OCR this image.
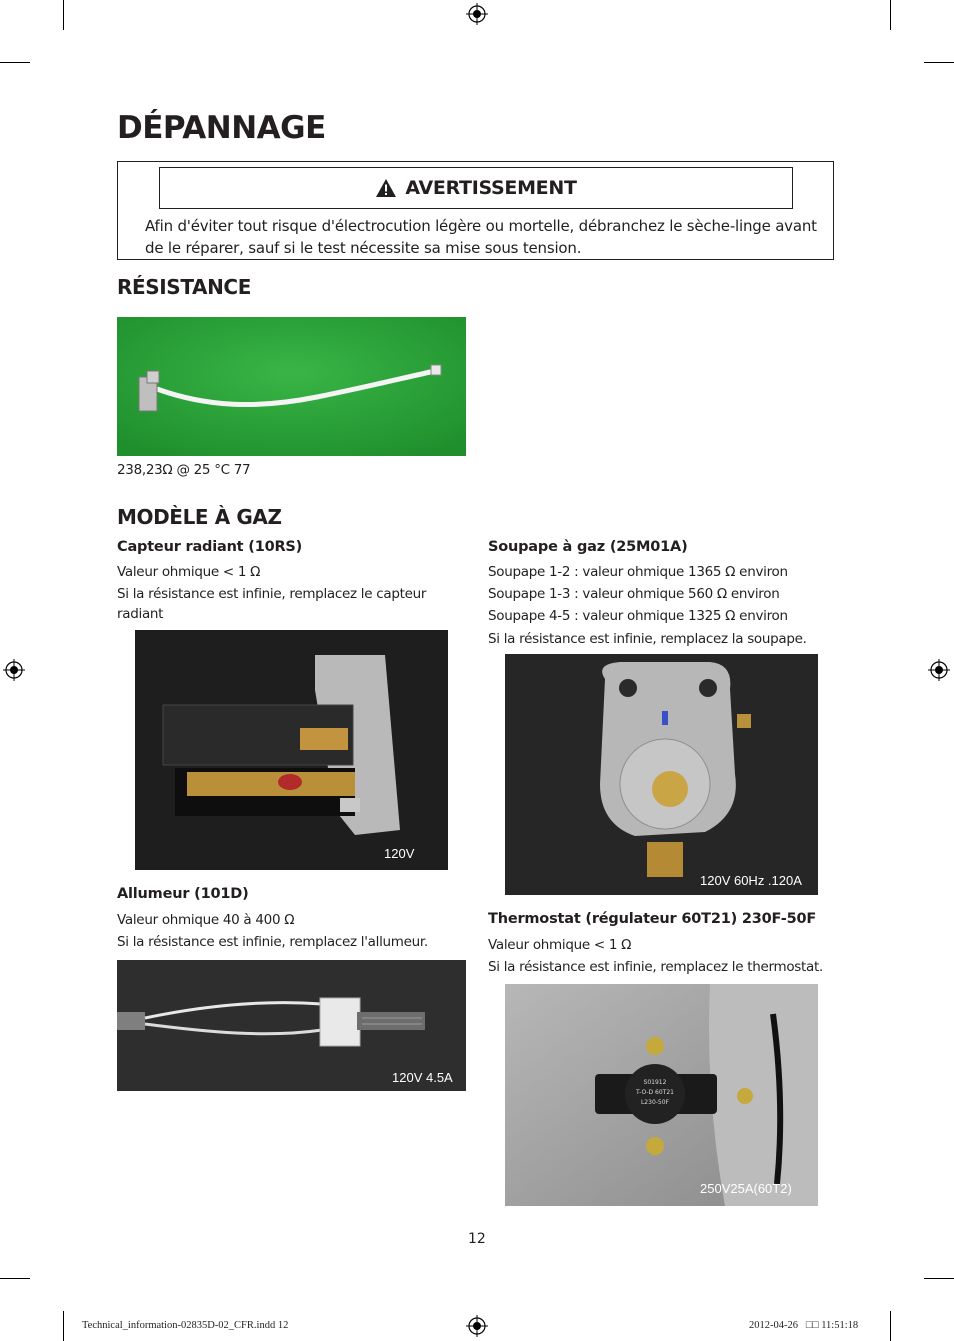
DÉPANNAGE
AVERTISSEMENT
Afin d'éviter tout risque d'électrocution légère ou mortelle, débranchez le sèche-linge avant
de le réparer, sauf si le test nécessite sa mise sous tension.
RÉSISTANCE
238,23Ω @ 25 °C 77
MODÈLE À GAZ
Capteur radiant (10RS)
Valeur ohmique < 1 Ω
Si la résistance est infinie, remplacez le capteur
radiant
120V
Allumeur (101D)
Valeur ohmique 40 à 400 Ω
Si la résistance est infinie, remplacez l'allumeur.
120V 4.5A
Soupape à gaz (25M01A)
Soupape 1-2 : valeur ohmique 1365 Ω environ
Soupape 1-3 : valeur ohmique 560 Ω environ
Soupape 4-5 : valeur ohmique 1325 Ω environ
Si la résistance est infinie, remplacez la soupape.
120V 60Hz .120A
Thermostat (régulateur 60T21) 230F-50F
Valeur ohmique < 1 Ω
Si la résistance est infinie, remplacez le thermostat.
S01912
T-O-D 60T21
L230-50F
250V25A(60T2)
12
Technical_information-02835D-02_CFR.indd 12	2012-04-26 □□ 11:51:18
